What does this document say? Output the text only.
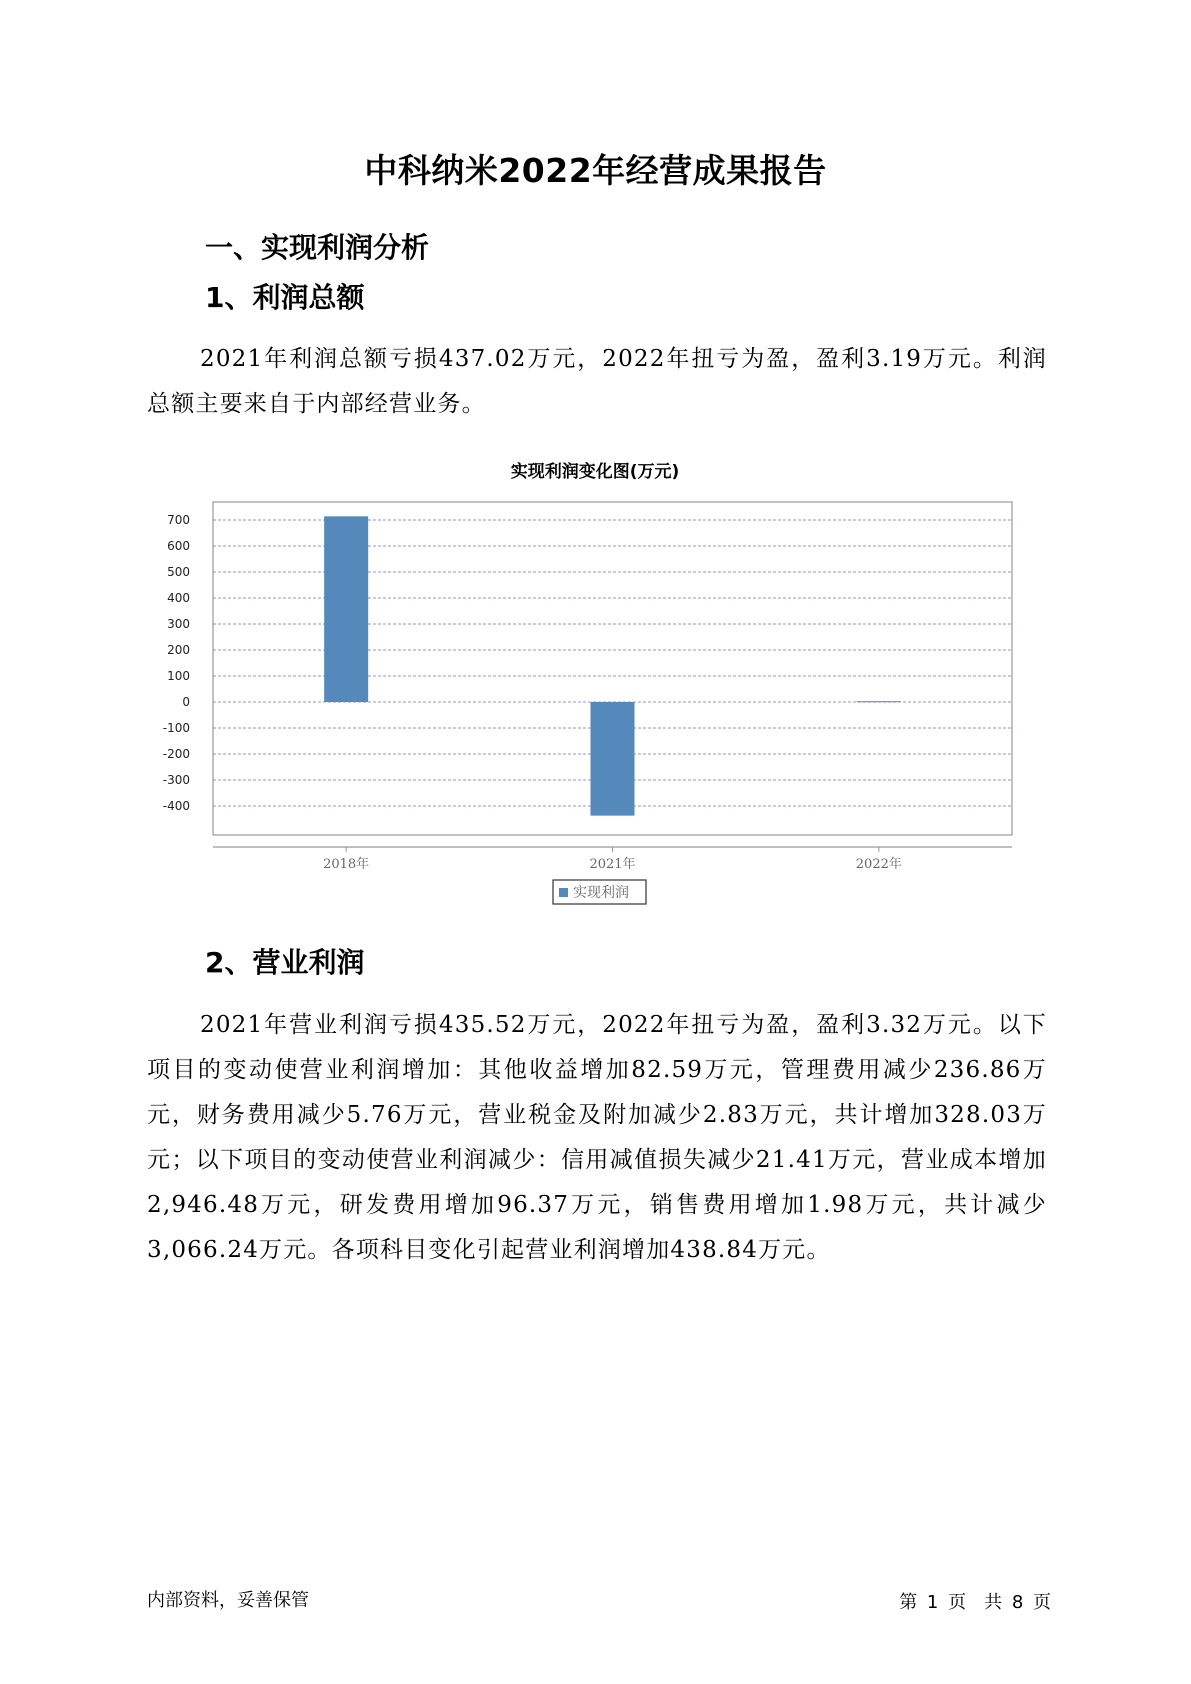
中科纳米2022年经营成果报告
一、实现利润分析
1、利润总额

2021年利润总额亏损437.02万元，2022年扭亏为盈，盈利3.19万元。利润总额主要来自于内部经营业务。

实现利润变化图(万元)
700
600
500
400
300
200
100
0
-100
-200
-300
-400
2018年	2021年	2022年
实现利润
2、营业利润

2021年营业利润亏损435.52万元，2022年扭亏为盈，盈利3.32万元。以下项目的变动使营业利润增加：其他收益增加82.59万元，管理费用减少236.86万元，财务费用减少5.76万元，营业税金及附加减少2.83万元，共计增加328.03万元；以下项目的变动使营业利润减少：信用减值损失减少21.41万元，营业成本增加2,946.48万元，研发费用增加96.37万元，销售费用增加1.98万元，共计减少3,066.24万元。各项科目变化引起营业利润增加438.84万元。

内部资料，妥善保管	第 1 页　共 8 页
